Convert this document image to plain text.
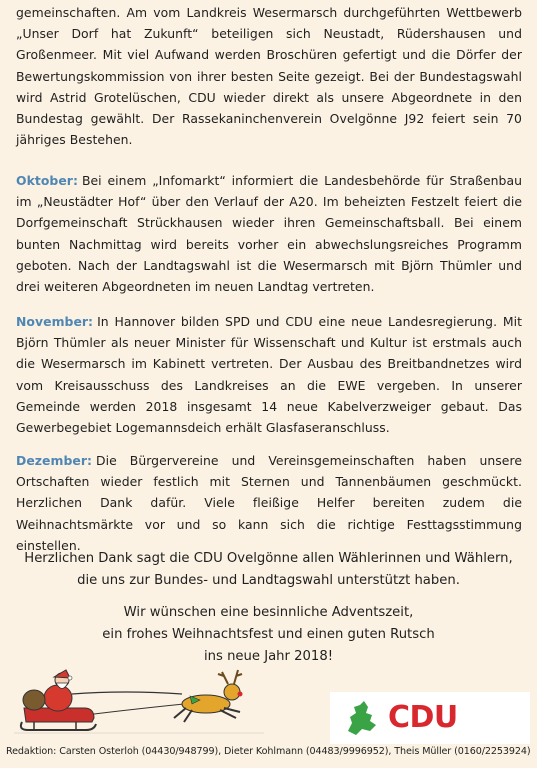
gemeinschaften. Am vom Landkreis Wesermarsch durchgeführten Wettbewerb „Unser Dorf hat Zukunft“ beteiligen sich Neustadt, Rüdershausen und Großenmeer. Mit viel Aufwand werden Broschüren gefertigt und die Dörfer der Bewertungskommission von ihrer besten Seite gezeigt. Bei der Bundestagswahl wird Astrid Grotelüschen, CDU wieder direkt als unsere Abgeordnete in den Bundestag gewählt. Der Rassekaninchenverein Ovelgönne J92 feiert sein 70 jähriges Bestehen.

Oktober: Bei einem „Infomarkt“ informiert die Landesbehörde für Straßenbau im „Neustädter Hof“ über den Verlauf der A20. Im beheizten Festzelt feiert die Dorfgemeinschaft Strückhausen wieder ihren Gemeinschaftsball. Bei einem bunten Nachmittag wird bereits vorher ein abwechslungsreiches Programm geboten. Nach der Landtagswahl ist die Wesermarsch mit Björn Thümler und drei weiteren Abgeordneten im neuen Landtag vertreten.

November: In Hannover bilden SPD und CDU eine neue Landesregierung. Mit Björn Thümler als neuer Minister für Wissenschaft und Kultur ist erstmals auch die Wesermarsch im Kabinett vertreten. Der Ausbau des Breitbandnetzes wird vom Kreisausschuss des Landkreises an die EWE vergeben. In unserer Gemeinde werden 2018 insgesamt 14 neue Kabelverzweiger gebaut. Das Gewerbegebiet Logemannsdeich erhält Glasfaseranschluss.

Dezember: Die Bürgervereine und Vereinsgemeinschaften haben unsere Ortschaften wieder festlich mit Sternen und Tannenbäumen geschmückt. Herzlichen Dank dafür. Viele fleißige Helfer bereiten zudem die Weihnachtsmärkte vor und so kann sich die richtige Festtagsstimmung einstellen.

Herzlichen Dank sagt die CDU Ovelgönne allen Wählerinnen und Wählern,
die uns zur Bundes- und Landtagswahl unterstützt haben.
Wir wünschen eine besinnliche Adventszeit,
ein frohes Weihnachtsfest und einen guten Rutsch
ins neue Jahr 2018!
CDU
Redaktion: Carsten Osterloh (04430/948799), Dieter Kohlmann (04483/9996952), Theis Müller (0160/2253924)
